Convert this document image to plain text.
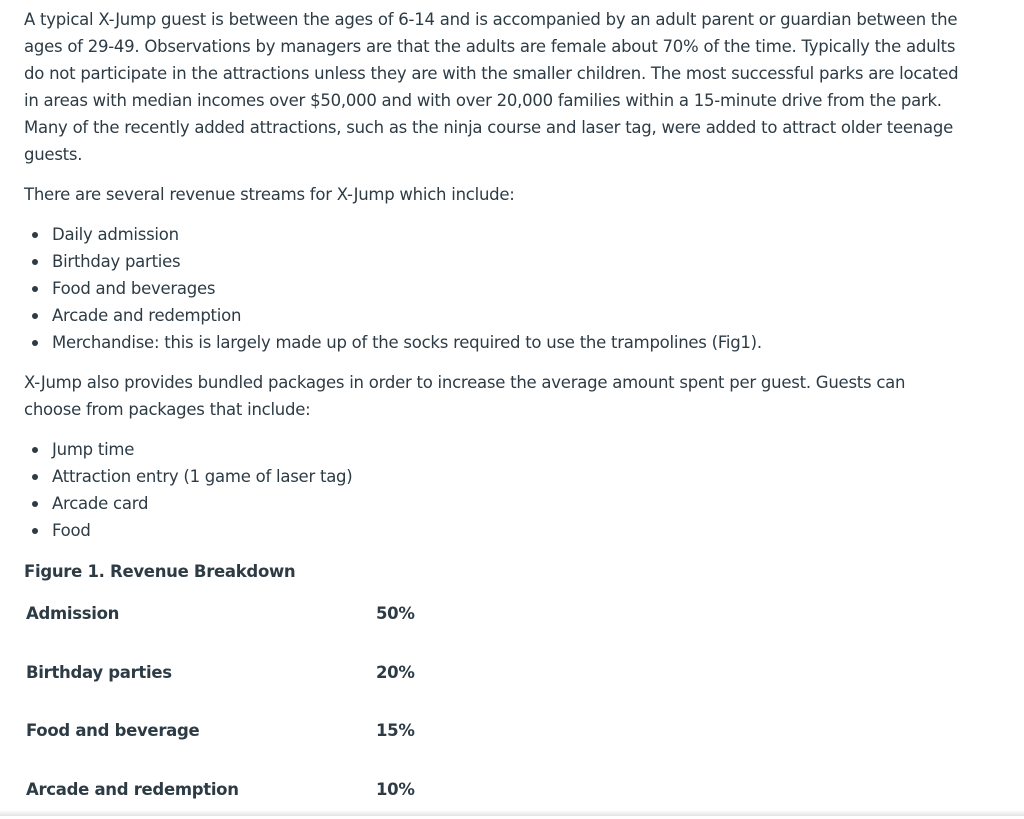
A typical X-Jump guest is between the ages of 6-14 and is accompanied by an adult parent or guardian between the ages of 29-49. Observations by managers are that the adults are female about 70% of the time. Typically the adults do not participate in the attractions unless they are with the smaller children. The most successful parks are located in areas with median incomes over $50,000 and with over 20,000 families within a 15-minute drive from the park. Many of the recently added attractions, such as the ninja course and laser tag, were added to attract older teenage guests.

There are several revenue streams for X-Jump which include:

Daily admission
Birthday parties
Food and beverages
Arcade and redemption
Merchandise: this is largely made up of the socks required to use the trampolines (Fig1).

X-Jump also provides bundled packages in order to increase the average amount spent per guest. Guests can choose from packages that include:

Jump time
Attraction entry (1 game of laser tag)
Arcade card
Food
Figure 1. Revenue Breakdown
Admission	50%
Birthday parties	20%
Food and beverage	15%
Arcade and redemption	10%
